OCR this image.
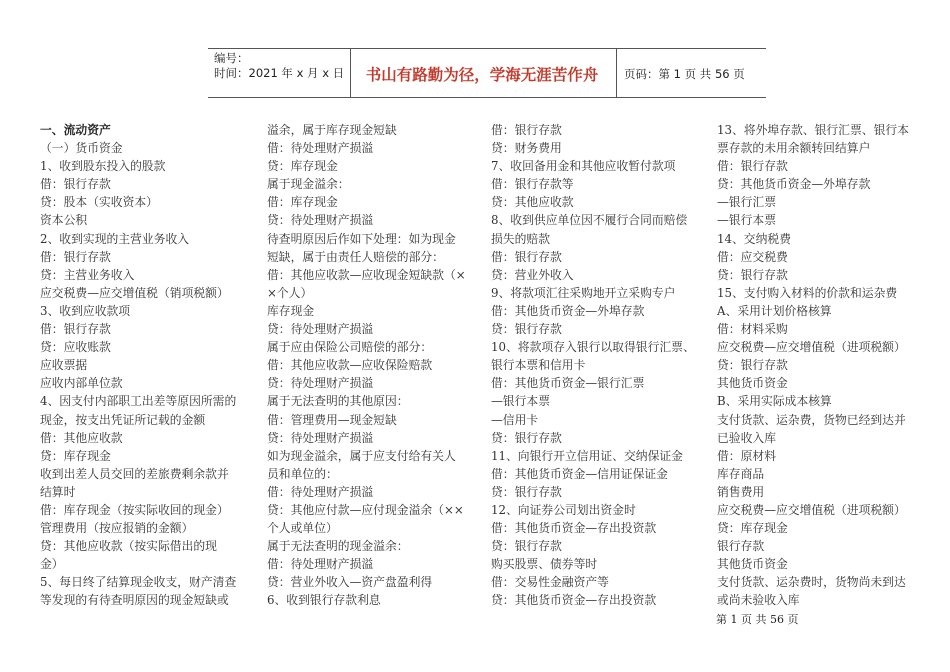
编号：
时间：2021 年 x 月 x 日	书山有路勤为径，学海无涯苦作舟	页码：第 1 页 共 56 页
一、流动资产
（一）货币资金
1、收到股东投入的股款
借：银行存款
贷：股本（实收资本）
资本公积
2、收到实现的主营业务收入
借：银行存款
贷：主营业务收入
应交税费—应交增值税（销项税额）
3、收到应收款项
借：银行存款
贷：应收账款
应收票据
应收内部单位款
4、因支付内部职工出差等原因所需的
现金，按支出凭证所记载的金额
借：其他应收款
贷：库存现金
收到出差人员交回的差旅费剩余款并
结算时
借：库存现金（按实际收回的现金）
管理费用（按应报销的金额）
贷：其他应收款（按实际借出的现
金）
5、每日终了结算现金收支，财产清查
等发现的有待查明原因的现金短缺或
溢余，属于库存现金短缺
借：待处理财产损溢
贷：库存现金
属于现金溢余：
借：库存现金
贷：待处理财产损溢
待查明原因后作如下处理：如为现金
短缺，属于由责任人赔偿的部分：
借：其他应收款—应收现金短缺款（×
×个人）
库存现金
贷：待处理财产损溢
属于应由保险公司赔偿的部分：
借：其他应收款—应收保险赔款
贷：待处理财产损溢
属于无法查明的其他原因：
借：管理费用—现金短缺
贷：待处理财产损溢
如为现金溢余，属于应支付给有关人
员和单位的：
借：待处理财产损溢
贷：其他应付款—应付现金溢余（××
个人或单位）
属于无法查明的现金溢余：
借：待处理财产损溢
贷：营业外收入—资产盘盈利得
6、收到银行存款利息
借：银行存款
贷：财务费用
7、收回备用金和其他应收暂付款项
借：银行存款等
贷：其他应收款
8、收到供应单位因不履行合同而赔偿
损失的赔款
借：银行存款
贷：营业外收入
9、将款项汇往采购地开立采购专户
借：其他货币资金—外埠存款
贷：银行存款
10、将款项存入银行以取得银行汇票、
银行本票和信用卡
借：其他货币资金—银行汇票
—银行本票
—信用卡
贷：银行存款
11、向银行开立信用证、交纳保证金
借：其他货币资金—信用证保证金
贷：银行存款
12、向证券公司划出资金时
借：其他货币资金—存出投资款
贷：银行存款
购买股票、债券等时
借：交易性金融资产等
贷：其他货币资金—存出投资款
13、将外埠存款、银行汇票、银行本
票存款的未用余额转回结算户
借：银行存款
贷：其他货币资金—外埠存款
—银行汇票
—银行本票
14、交纳税费
借：应交税费
贷：银行存款
15、支付购入材料的价款和运杂费
A、采用计划价格核算
借：材料采购
应交税费—应交增值税（进项税额）
贷：银行存款
其他货币资金
B、采用实际成本核算
支付货款、运杂费，货物已经到达并
已验收入库
借：原材料
库存商品
销售费用
应交税费—应交增值税（进项税额）
贷：库存现金
银行存款
其他货币资金
支付货款、运杂费时，货物尚未到达
或尚未验收入库
第 1 页 共 56 页
